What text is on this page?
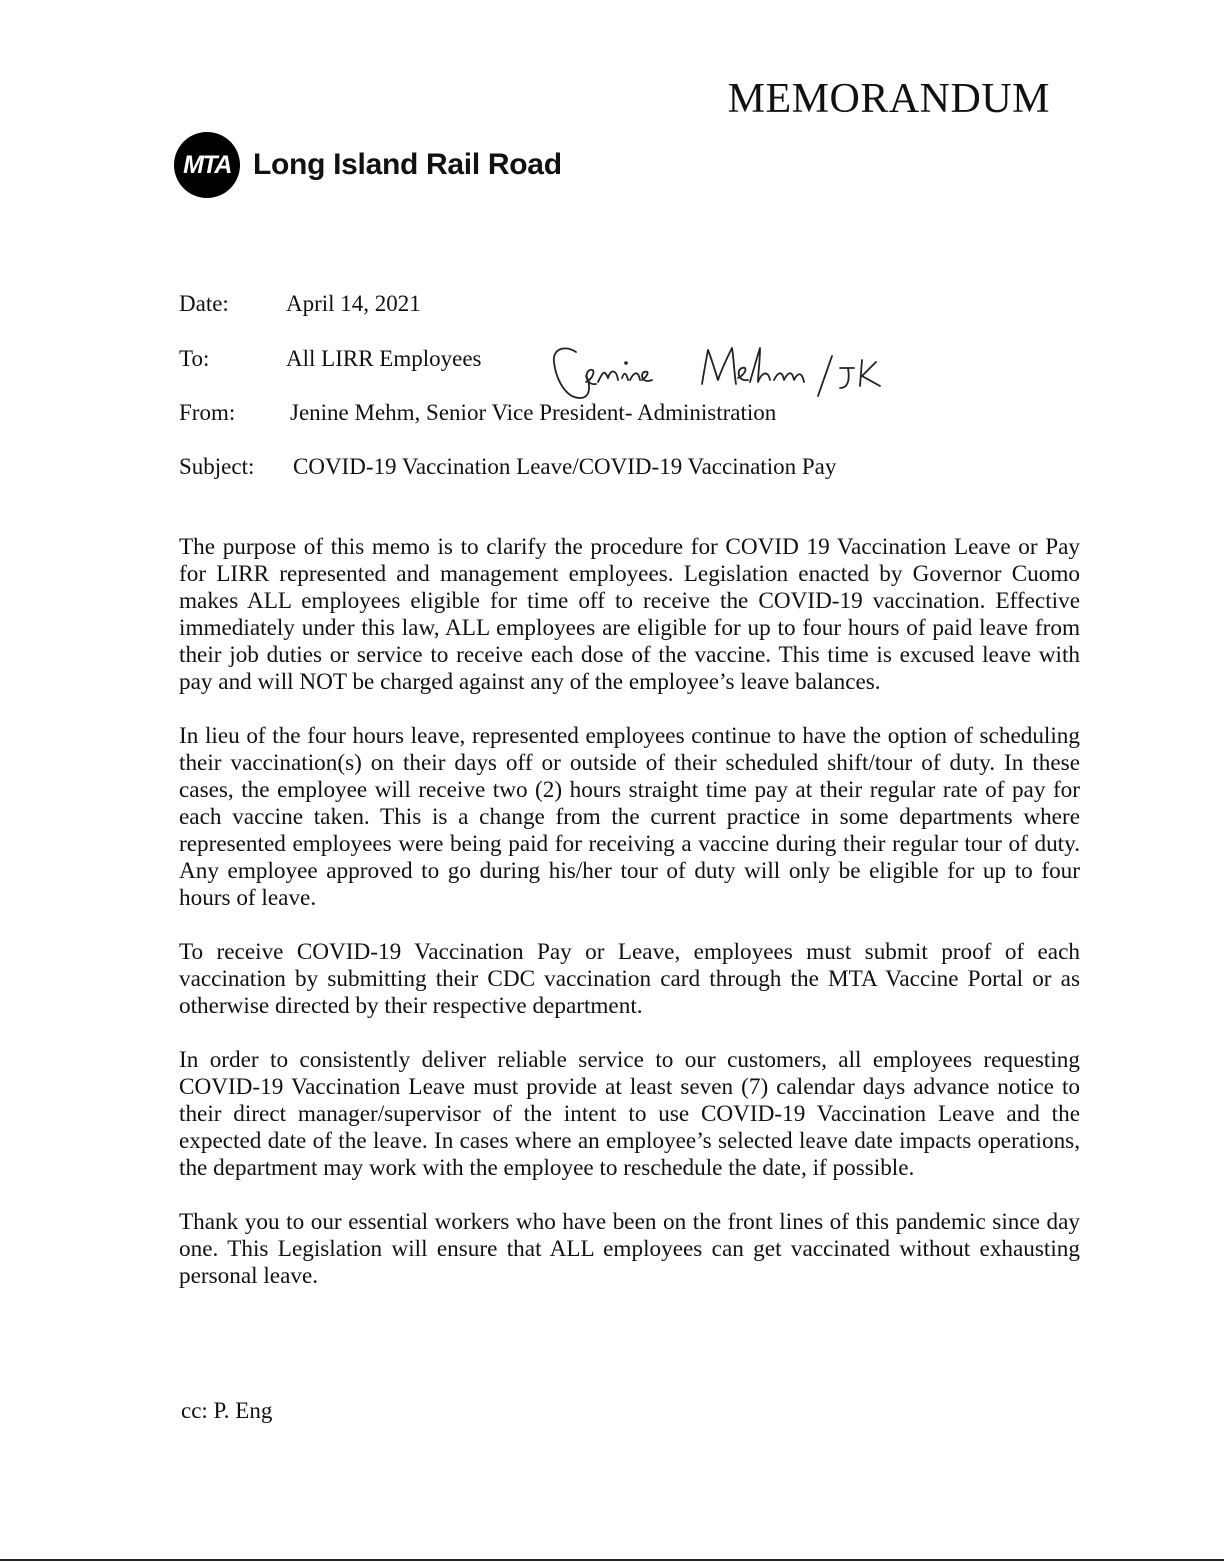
MEMORANDUM
MTA Long Island Rail Road
Date: April 14, 2021
To:	All LIRR Employees
From: Jenine Mehm, Senior Vice President- Administration
Subject: COVID-19 Vaccination Leave/COVID-19 Vaccination Pay

The purpose of this memo is to clarify the procedure for COVID 19 Vaccination Leave or Pay for LIRR represented and management employees. Legislation enacted by Governor Cuomo makes ALL employees eligible for time off to receive the COVID-19 vaccination. Effective immediately under this law, ALL employees are eligible for up to four hours of paid leave from their job duties or service to receive each dose of the vaccine. This time is excused leave with pay and will NOT be charged against any of the employee’s leave balances.

In lieu of the four hours leave, represented employees continue to have the option of scheduling their vaccination(s) on their days off or outside of their scheduled shift/tour of duty. In these cases, the employee will receive two (2) hours straight time pay at their regular rate of pay for each vaccine taken. This is a change from the current practice in some departments where represented employees were being paid for receiving a vaccine during their regular tour of duty. Any employee approved to go during his/her tour of duty will only be eligible for up to four hours of leave.

To receive COVID-19 Vaccination Pay or Leave, employees must submit proof of each vaccination by submitting their CDC vaccination card through the MTA Vaccine Portal or as otherwise directed by their respective department.

In order to consistently deliver reliable service to our customers, all employees requesting COVID-19 Vaccination Leave must provide at least seven (7) calendar days advance notice to their direct manager/supervisor of the intent to use COVID-19 Vaccination Leave and the expected date of the leave. In cases where an employee’s selected leave date impacts operations, the department may work with the employee to reschedule the date, if possible.

Thank you to our essential workers who have been on the front lines of this pandemic since day one. This Legislation will ensure that ALL employees can get vaccinated without exhausting personal leave.

cc: P. Eng
